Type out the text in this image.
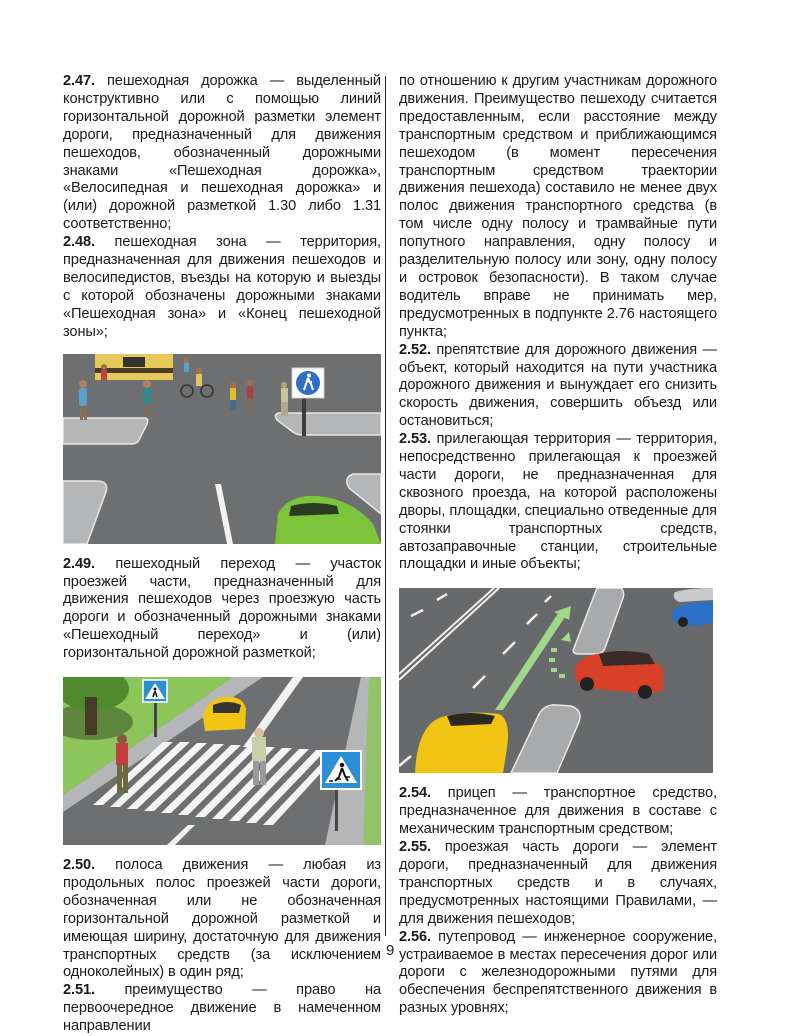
2.47. пешеходная дорожка — выделенный конструктивно или с помощью линий горизонтальной дорожной разметки элемент дороги, предназначенный для движения пешеходов, обозначенный дорожными знаками «Пешеходная дорожка», «Велосипедная и пешеходная дорожка» и (или) дорожной разметкой 1.30 либо 1.31 соответственно;

2.48. пешеходная зона — территория, предназначенная для движения пешеходов и велосипедистов, въезды на которую и выезды с которой обозначены дорожными знаками «Пешеходная зона» и «Конец пешеходной зоны»;

2.49. пешеходный переход — участок проезжей части, предназначенный для движения пешеходов через проезжую часть дороги и обозначенный дорожными знаками «Пешеходный переход» и (или) горизонтальной дорожной разметкой;

2.50. полоса движения — любая из продольных полос проезжей части дороги, обозначенная или не обозначенная горизонтальной дорожной разметкой и имеющая ширину, достаточную для движения транспортных средств (за исключением одноколейных) в один ряд;

2.51. преимущество — право на первоочередное движение в намеченном направлении

по отношению к другим участникам дорожного движения. Преимущество пешеходу считается предоставленным, если расстояние между транспортным средством и приближающимся пешеходом (в момент пересечения транспортным средством траектории движения пешехода) составило не менее двух полос движения транспортного средства (в том числе одну полосу и трамвайные пути попутного направления, одну полосу и разделительную полосу или зону, одну полосу и островок безопасности). В таком случае водитель вправе не принимать мер, предусмотренных в подпункте 2.76 настоящего пункта;

2.52. препятствие для дорожного движения — объект, который находится на пути участника дорожного движения и вынуждает его снизить скорость движения, совершить объезд или остановиться;

2.53. прилегающая территория — территория, непосредственно прилегающая к проезжей части дороги, не предназначенная для сквозного проезда, на которой расположены дворы, площадки, специально отведенные для стоянки транспортных средств, автозаправочные станции, строительные площадки и иные объекты;

2.54. прицеп — транспортное средство, предназначенное для движения в составе с механическим транспортным средством;

2.55. проезжая часть дороги — элемент дороги, предназначенный для движения транспортных средств и в случаях, предусмотренных настоящими Правилами, — для движения пешеходов;

2.56. путепровод — инженерное сооружение, устраиваемое в местах пересечения дорог или дороги с железнодорожными путями для обеспечения беспрепятственного движения в разных уровнях;

9
